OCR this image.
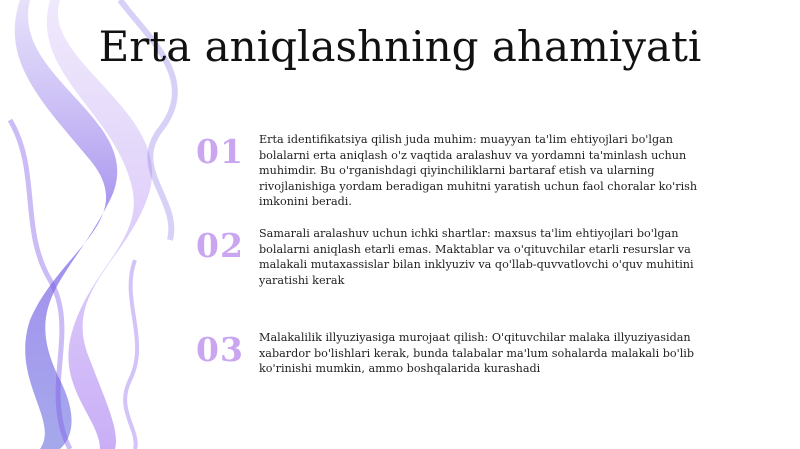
Erta aniqlashning ahamiyati
01	Erta identifikatsiya qilish juda muhim: muayyan ta'lim ehtiyojlari bo'lgan bolalarni erta aniqlash o'z vaqtida aralashuv va yordamni ta'minlash uchun muhimdir. Bu o'rganishdagi qiyinchiliklarni bartaraf etish va ularning rivojlanishiga yordam beradigan muhitni yaratish uchun faol choralar ko'rish imkonini beradi.
02	Samarali aralashuv uchun ichki shartlar: maxsus ta'lim ehtiyojlari bo'lgan bolalarni aniqlash etarli emas. Maktablar va o'qituvchilar etarli resurslar va malakali mutaxassislar bilan inklyuziv va qo'llab-quvvatlovchi o'quv muhitini yaratishi kerak
03	Malakalilik illyuziyasiga murojaat qilish: O'qituvchilar malaka illyuziyasidan xabardor bo'lishlari kerak, bunda talabalar ma'lum sohalarda malakali bo'lib ko'rinishi mumkin, ammo boshqalarida kurashadi
